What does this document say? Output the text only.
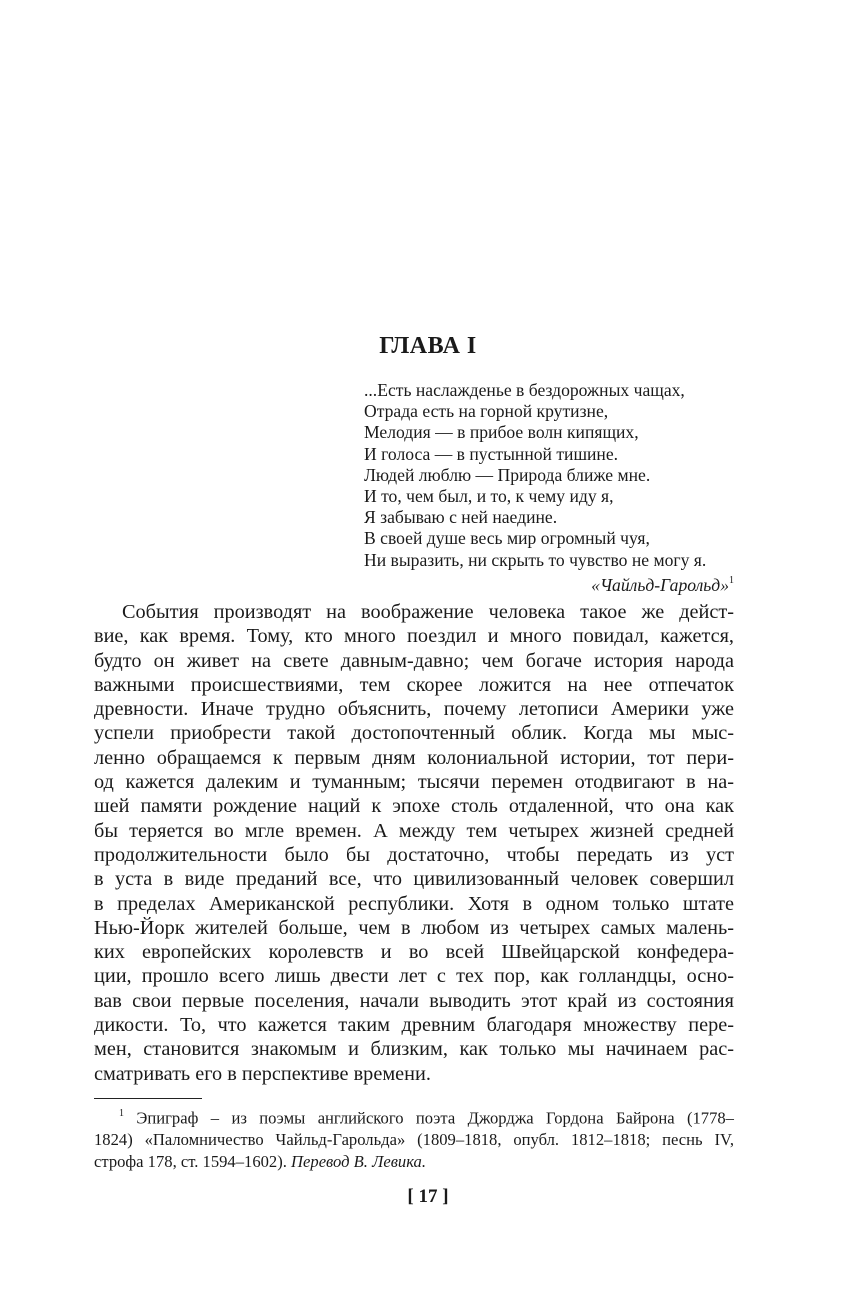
ГЛАВА I
...Есть наслажденье в бездорожных чащах,
Отрада есть на горной крутизне,
Мелодия — в прибое волн кипящих,
И голоса — в пустынной тишине.
Людей люблю — Природа ближе мне.
И то, чем был, и то, к чему иду я,
Я забываю с ней наедине.
В своей душе весь мир огромный чуя,
Ни выразить, ни скрыть то чувство не могу я.
«Чайльд-Гарольд»$^1$
События производят на воображение человека такое же дейст-
вие, как время. Тому, кто много поездил и много повидал, кажется,
будто он живет на свете давным-давно; чем богаче история народа
важными происшествиями, тем скорее ложится на нее отпечаток
древности. Иначе трудно объяснить, почему летописи Америки уже
успели приобрести такой достопочтенный облик. Когда мы мыс-
ленно обращаемся к первым дням колониальной истории, тот пери-
од кажется далеким и туманным; тысячи перемен отодвигают в на-
шей памяти рождение наций к эпохе столь отдаленной, что она как
бы теряется во мгле времен. А между тем четырех жизней средней
продолжительности было бы достаточно, чтобы передать из уст
в уста в виде преданий все, что цивилизованный человек совершил
в пределах Американской республики. Хотя в одном только штате
Нью-Йорк жителей больше, чем в любом из четырех самых малень-
ких европейских королевств и во всей Швейцарской конфедера-
ции, прошло всего лишь двести лет с тех пор, как голландцы, осно-
вав свои первые поселения, начали выводить этот край из состояния
дикости. То, что кажется таким древним благодаря множеству пере-
мен, становится знакомым и близким, как только мы начинаем рас-
сматривать его в перспективе времени.
$^1$ Эпиграф – из поэмы английского поэта Джорджа Гордона Байрона (1778–
1824) «Паломничество Чайльд-Гарольда» (1809–1818, опубл. 1812–1818; песнь IV,
строфа 178, ст. 1594–1602). Перевод В. Левика.
[ 17 ]
